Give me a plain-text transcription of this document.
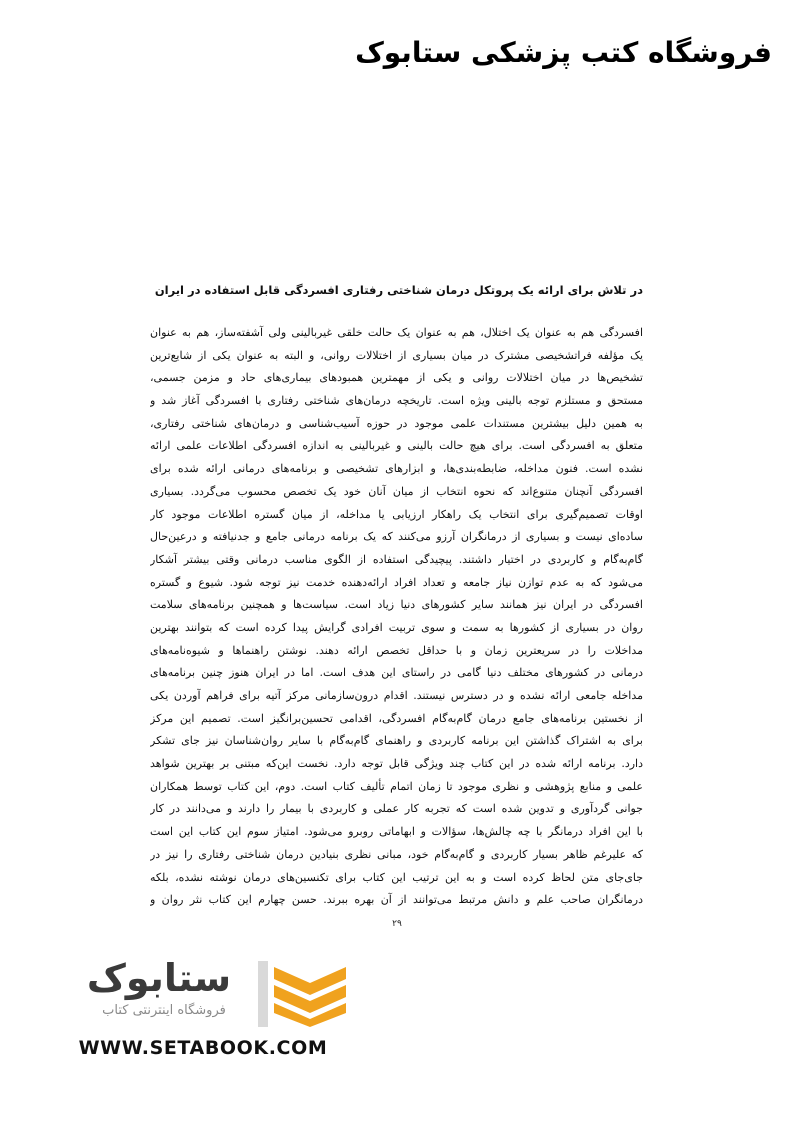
فروشگاه کتب پزشکی ستابوک
در تلاش برای ارائه یک پروتکل درمان شناختی رفتاری افسردگی قابل استفاده در ایران
افسردگی هم به عنوان یک اختلال، هم به عنوان یک حالت خلقی غیربالینی ولی آشفته‌ساز، هم به عنوان
یک مؤلفه فراتشخیصی مشترک در میان بسیاری از اختلالات روانی، و البته به عنوان یکی از شایع‌ترین
تشخیص‌ها در میان اختلالات روانی و یکی از مهمترین همبودهای بیماری‌های حاد و مزمن جسمی،
مستحق و مستلزم توجه بالینی ویژه است. تاریخچه درمان‌های شناختی رفتاری با افسردگی آغاز شد و
به همین دلیل بیشترین مستندات علمی موجود در حوزه آسیب‌شناسی و درمان‌های شناختی رفتاری،
متعلق به افسردگی است. برای هیچ حالت بالینی و غیربالینی به اندازه افسردگی اطلاعات علمی ارائه
نشده است. فنون مداخله، ضابطه‌بندی‌ها، و ابزارهای تشخیصی و برنامه‌های درمانی ارائه شده برای
افسردگی آنچنان متنوع‌اند که نحوه انتخاب از میان آنان خود یک تخصص محسوب می‌گردد. بسیاری
اوقات تصمیم‌گیری برای انتخاب یک راهکار ارزیابی یا مداخله، از میان گستره اطلاعات موجود کار
ساده‌ای نیست و بسیاری از درمانگران آرزو می‌کنند که یک برنامه درمانی جامع و جدنیافته و درعین‌حال
گام‌به‌گام و کاربردی در اختیار داشتند. پیچیدگی استفاده از الگوی مناسب درمانی وقتی بیشتر آشکار
می‌شود که به عدم توازن نیاز جامعه و تعداد افراد ارائه‌دهنده خدمت نیز توجه شود. شیوع و گستره
افسردگی در ایران نیز همانند سایر کشورهای دنیا زیاد است. سیاست‌ها و همچنین برنامه‌های سلامت
روان در بسیاری از کشورها به سمت و سوی تربیت افرادی گرایش پیدا کرده است که بتوانند بهترین
مداخلات را در سریعترین زمان و با حداقل تخصص ارائه دهند. نوشتن راهنماها و شیوه‌نامه‌های
درمانی در کشورهای مختلف دنیا گامی در راستای این هدف است. اما در ایران هنوز چنین برنامه‌های
مداخله جامعی ارائه نشده و در دسترس نیستند. اقدام درون‌سازمانی مرکز آتیه برای فراهم آوردن یکی
از نخستین برنامه‌های جامع درمان گام‌به‌گام افسردگی، اقدامی تحسین‌برانگیز است. تصمیم این مرکز
برای به اشتراک گذاشتن این برنامه کاربردی و راهنمای گام‌به‌گام با سایر روان‌شناسان نیز جای تشکر
دارد. برنامه ارائه شده در این کتاب چند ویژگی قابل توجه دارد. نخست این‌که مبتنی بر بهترین شواهد
علمی و منابع پژوهشی و نظری موجود تا زمان اتمام تألیف کتاب است. دوم، این کتاب توسط همکاران
جوانی گردآوری و تدوین شده است که تجربه کار عملی و کاربردی با بیمار را دارند و می‌دانند در کار
با این افراد درمانگر با چه چالش‌ها، سؤالات و ابهاماتی روبرو می‌شود. امتیاز سوم این کتاب این است
که علیرغم ظاهر بسیار کاربردی و گام‌به‌گام خود، مبانی نظری بنیادین درمان شناختی رفتاری را نیز در
جای‌جای متن لحاظ کرده است و به این ترتیب این کتاب برای تکنسین‌های درمان نوشته نشده، بلکه
درمانگران صاحب علم و دانش مرتبط می‌توانند از آن بهره ببرند. حسن چهارم این کتاب نثر روان و
۲۹
ستابوک
فروشگاه اینترنتی کتاب
WWW.SETABOOK.COM
